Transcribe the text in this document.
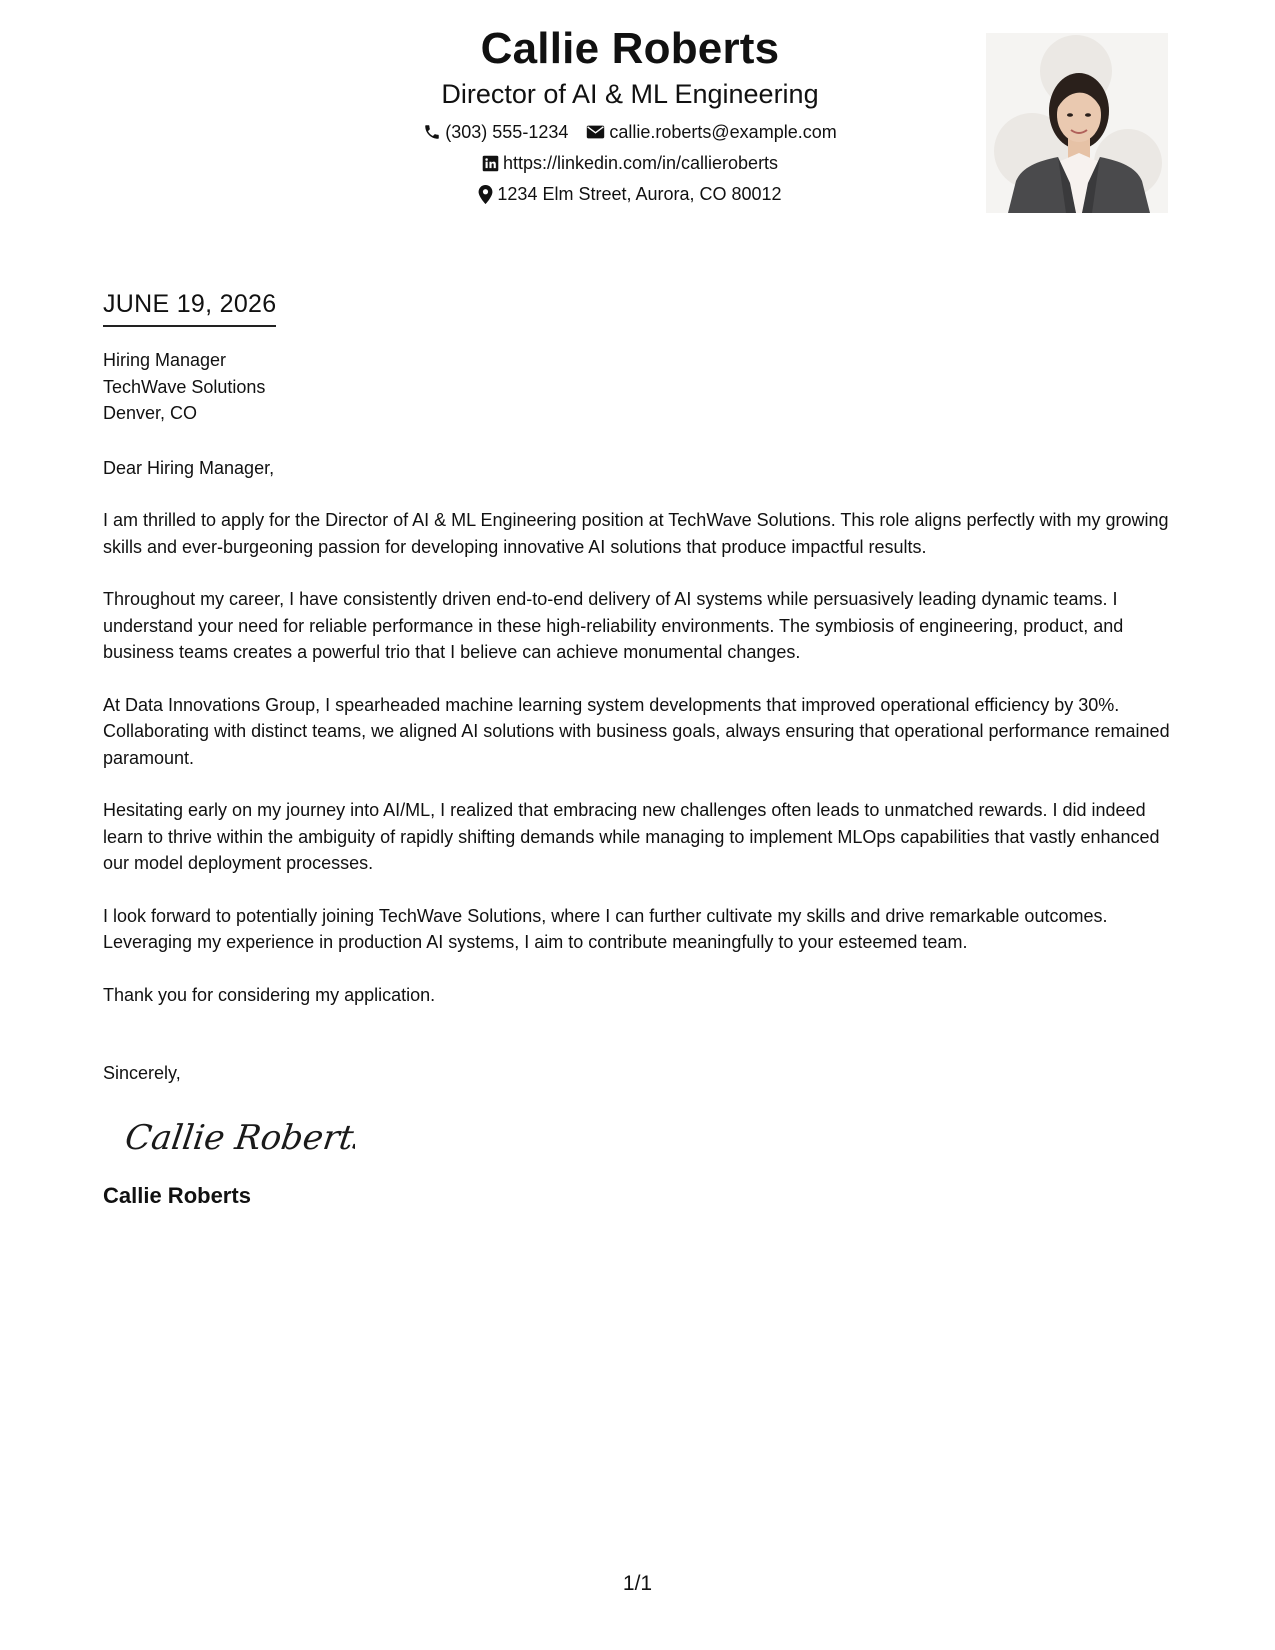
Callie Roberts
Director of AI & ML Engineering
(303) 555-1234 callie.roberts@example.com
https://linkedin.com/in/callieroberts
1234 Elm Street, Aurora, CO 80012
JUNE 19, 2026
Hiring Manager
TechWave Solutions
Denver, CO
Dear Hiring Manager,
I am thrilled to apply for the Director of AI & ML Engineering position at TechWave Solutions. This role aligns perfectly with my growing skills and ever-burgeoning passion for developing innovative AI solutions that produce impactful results.
Throughout my career, I have consistently driven end-to-end delivery of AI systems while persuasively leading dynamic teams. I understand your need for reliable performance in these high-reliability environments. The symbiosis of engineering, product, and business teams creates a powerful trio that I believe can achieve monumental changes.
At Data Innovations Group, I spearheaded machine learning system developments that improved operational efficiency by 30%. Collaborating with distinct teams, we aligned AI solutions with business goals, always ensuring that operational performance remained paramount.
Hesitating early on my journey into AI/ML, I realized that embracing new challenges often leads to unmatched rewards. I did indeed learn to thrive within the ambiguity of rapidly shifting demands while managing to implement MLOps capabilities that vastly enhanced our model deployment processes.
I look forward to potentially joining TechWave Solutions, where I can further cultivate my skills and drive remarkable outcomes. Leveraging my experience in production AI systems, I aim to contribute meaningfully to your esteemed team.
Thank you for considering my application.
Sincerely,
Callie Roberts
Callie Roberts
1/1
